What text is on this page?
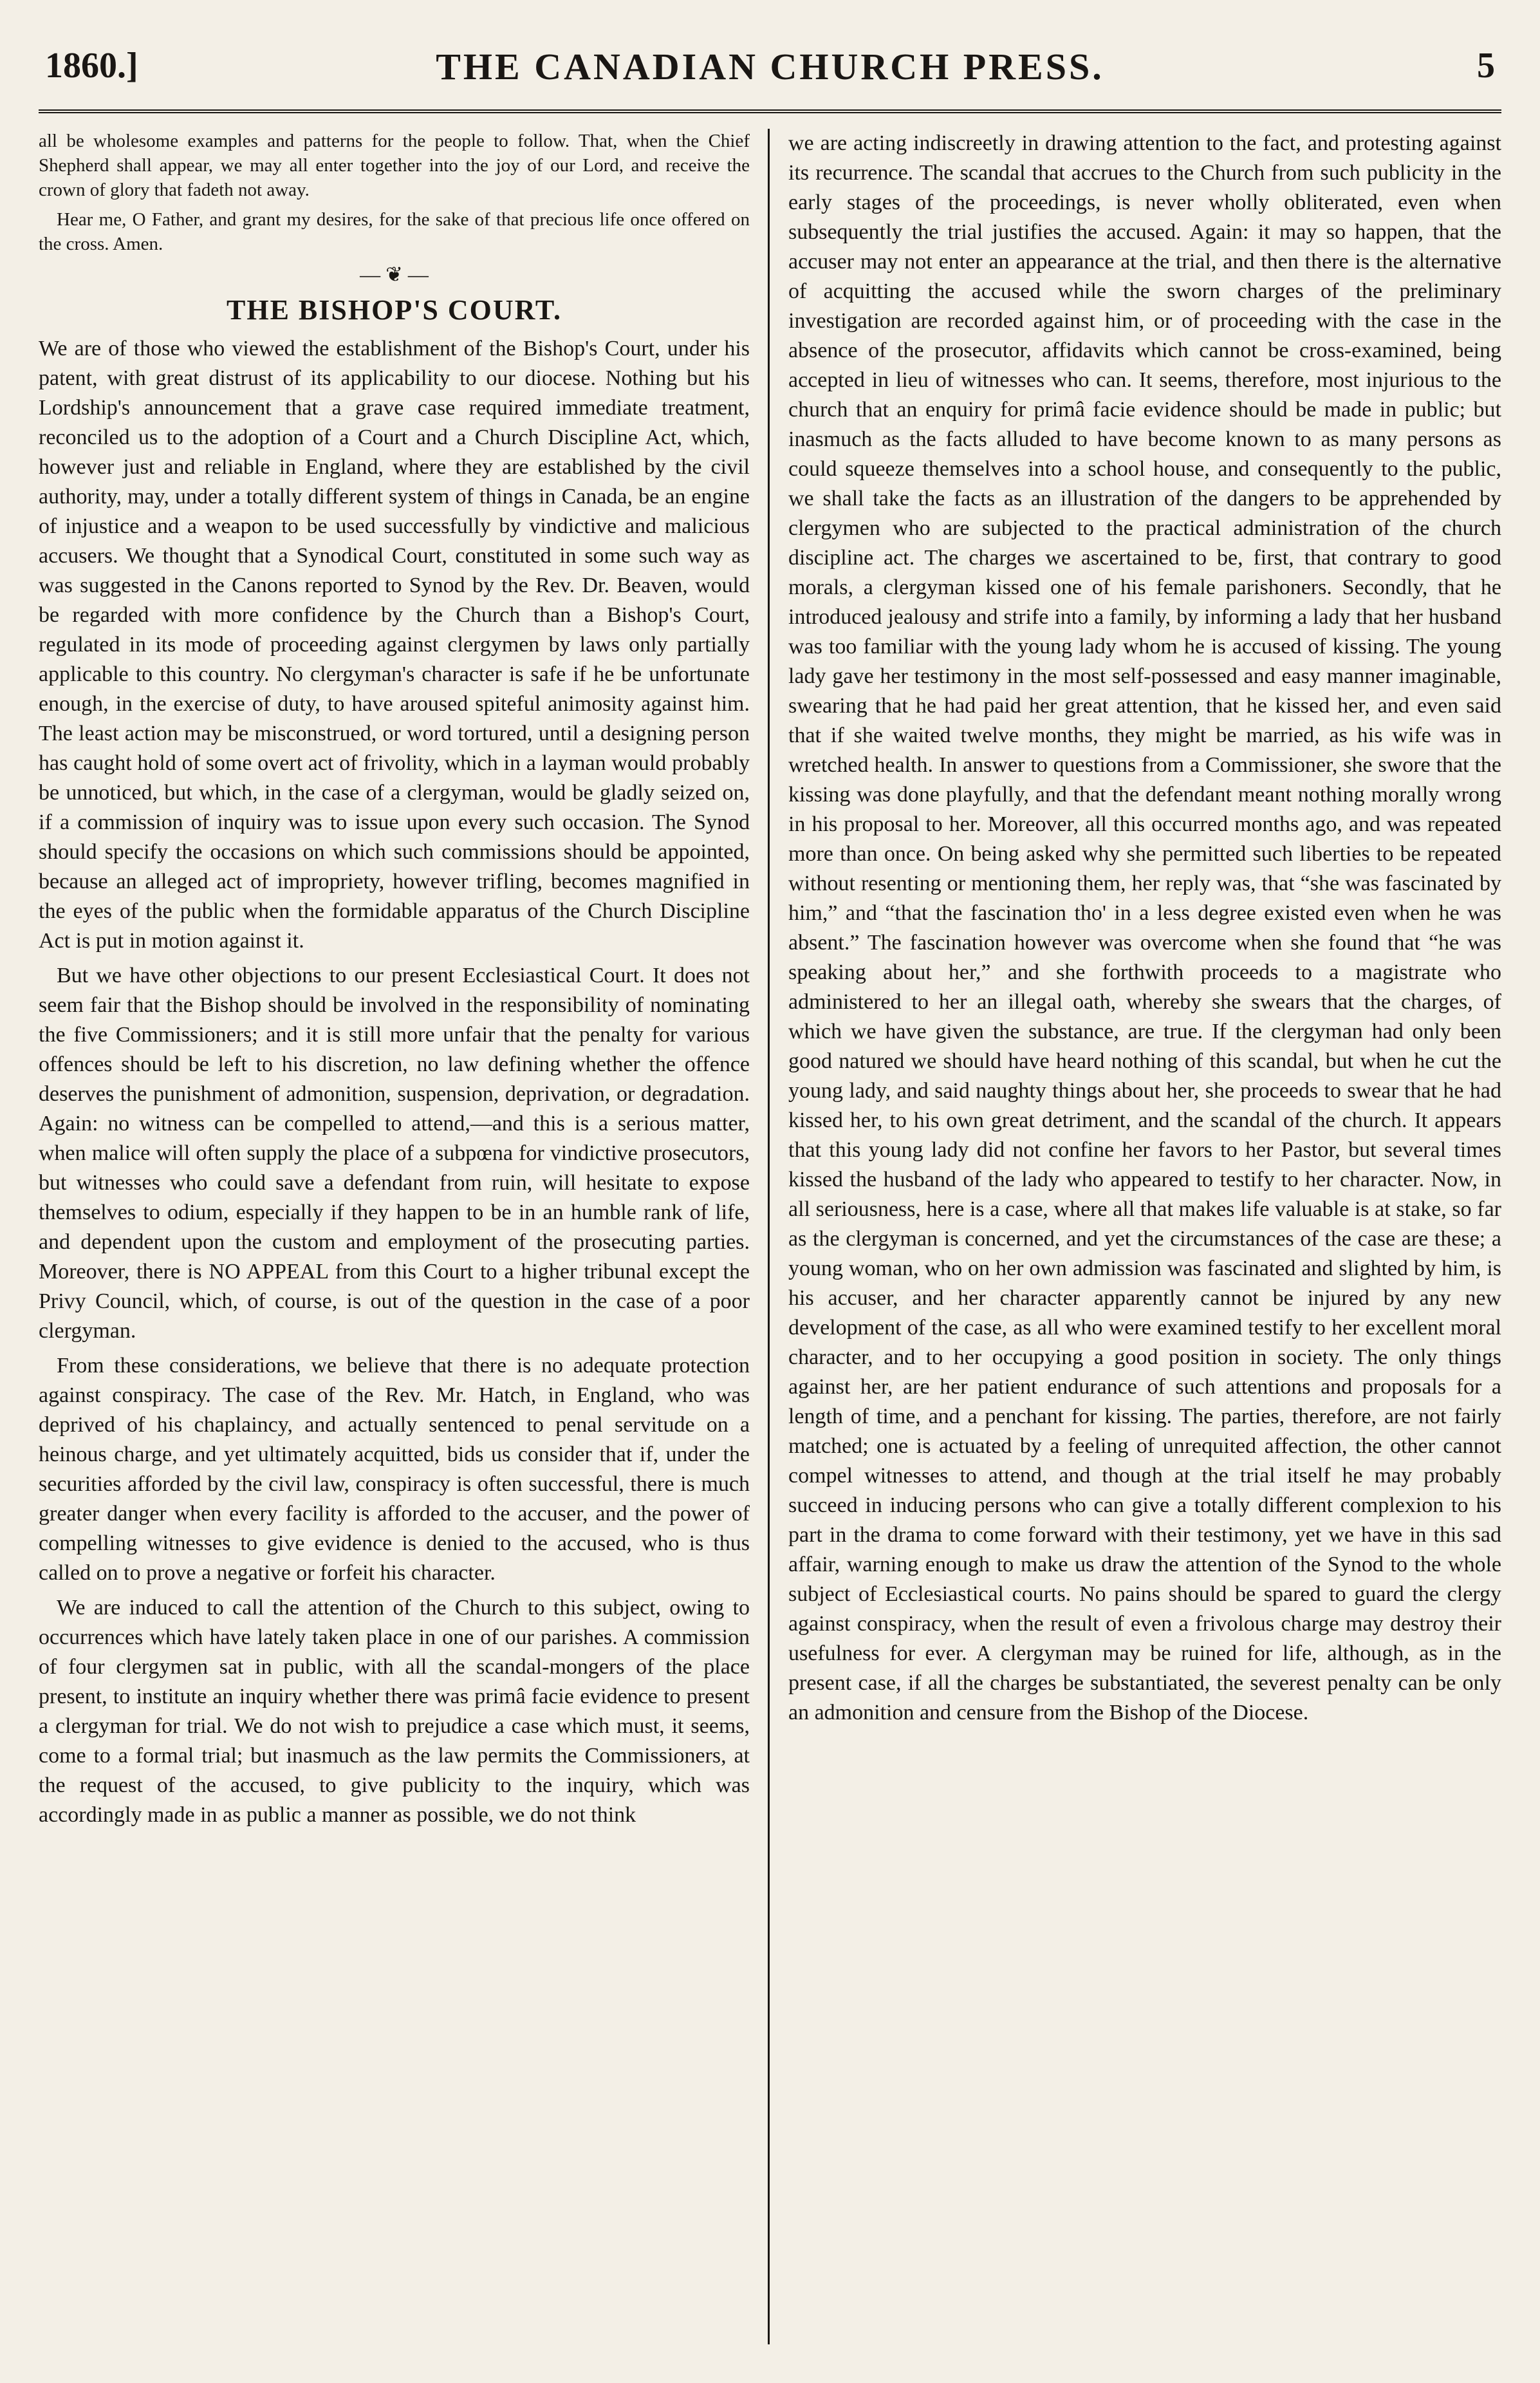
1860.]	THE CANADIAN CHURCH PRESS.	5

all be wholesome examples and patterns for the people to follow. That, when the Chief Shepherd shall appear, we may all enter together into the joy of our Lord, and receive the crown of glory that fadeth not away.

Hear me, O Father, and grant my desires, for the sake of that precious life once offered on the cross. Amen.

— ❦ —
THE BISHOP'S COURT.

We are of those who viewed the establishment of the Bishop's Court, under his patent, with great distrust of its applicability to our diocese. Nothing but his Lordship's announcement that a grave case required immediate treatment, reconciled us to the adoption of a Court and a Church Discipline Act, which, however just and reliable in England, where they are established by the civil authority, may, under a totally different system of things in Canada, be an engine of injustice and a weapon to be used successfully by vindictive and malicious accusers. We thought that a Synodical Court, constituted in some such way as was suggested in the Canons reported to Synod by the Rev. Dr. Beaven, would be regarded with more confidence by the Church than a Bishop's Court, regulated in its mode of proceeding against clergymen by laws only partially applicable to this country. No clergyman's character is safe if he be unfortunate enough, in the exercise of duty, to have aroused spiteful animosity against him. The least action may be misconstrued, or word tortured, until a designing person has caught hold of some overt act of frivolity, which in a layman would probably be unnoticed, but which, in the case of a clergyman, would be gladly seized on, if a commission of inquiry was to issue upon every such occasion. The Synod should specify the occasions on which such commissions should be appointed, because an alleged act of impropriety, however trifling, becomes magnified in the eyes of the public when the formidable apparatus of the Church Discipline Act is put in motion against it.

But we have other objections to our present Ecclesiastical Court. It does not seem fair that the Bishop should be involved in the responsibility of nominating the five Commissioners; and it is still more unfair that the penalty for various offences should be left to his discretion, no law defining whether the offence deserves the punishment of admonition, suspension, deprivation, or degradation. Again: no witness can be compelled to attend,—and this is a serious matter, when malice will often supply the place of a subpœna for vindictive prosecutors, but witnesses who could save a defendant from ruin, will hesitate to expose themselves to odium, especially if they happen to be in an humble rank of life, and dependent upon the custom and employment of the prosecuting parties. Moreover, there is NO APPEAL from this Court to a higher tribunal except the Privy Council, which, of course, is out of the question in the case of a poor clergyman.

From these considerations, we believe that there is no adequate protection against conspiracy. The case of the Rev. Mr. Hatch, in England, who was deprived of his chaplaincy, and actually sentenced to penal servitude on a heinous charge, and yet ultimately acquitted, bids us consider that if, under the securities afforded by the civil law, conspiracy is often successful, there is much greater danger when every facility is afforded to the accuser, and the power of compelling witnesses to give evidence is denied to the accused, who is thus called on to prove a negative or forfeit his character.

We are induced to call the attention of the Church to this subject, owing to occurrences which have lately taken place in one of our parishes. A commission of four clergymen sat in public, with all the scandal-mongers of the place present, to institute an inquiry whether there was primâ facie evidence to present a clergyman for trial. We do not wish to prejudice a case which must, it seems, come to a formal trial; but inasmuch as the law permits the Commissioners, at the request of the accused, to give publicity to the inquiry, which was accordingly made in as public a manner as possible, we do not think

we are acting indiscreetly in drawing attention to the fact, and protesting against its recurrence. The scandal that accrues to the Church from such publicity in the early stages of the proceedings, is never wholly obliterated, even when subsequently the trial justifies the accused. Again: it may so happen, that the accuser may not enter an appearance at the trial, and then there is the alternative of acquitting the accused while the sworn charges of the preliminary investigation are recorded against him, or of proceeding with the case in the absence of the prosecutor, affidavits which cannot be cross-examined, being accepted in lieu of witnesses who can. It seems, therefore, most injurious to the church that an enquiry for primâ facie evidence should be made in public; but inasmuch as the facts alluded to have become known to as many persons as could squeeze themselves into a school house, and consequently to the public, we shall take the facts as an illustration of the dangers to be apprehended by clergymen who are subjected to the practical administration of the church discipline act. The charges we ascertained to be, first, that contrary to good morals, a clergyman kissed one of his female parishoners. Secondly, that he introduced jealousy and strife into a family, by informing a lady that her husband was too familiar with the young lady whom he is accused of kissing. The young lady gave her testimony in the most self-possessed and easy manner imaginable, swearing that he had paid her great attention, that he kissed her, and even said that if she waited twelve months, they might be married, as his wife was in wretched health. In answer to questions from a Commissioner, she swore that the kissing was done playfully, and that the defendant meant nothing morally wrong in his proposal to her. Moreover, all this occurred months ago, and was repeated more than once. On being asked why she permitted such liberties to be repeated without resenting or mentioning them, her reply was, that “she was fascinated by him,” and “that the fascination tho' in a less degree existed even when he was absent.” The fascination however was overcome when she found that “he was speaking about her,” and she forthwith proceeds to a magistrate who administered to her an illegal oath, whereby she swears that the charges, of which we have given the substance, are true. If the clergyman had only been good natured we should have heard nothing of this scandal, but when he cut the young lady, and said naughty things about her, she proceeds to swear that he had kissed her, to his own great detriment, and the scandal of the church. It appears that this young lady did not confine her favors to her Pastor, but several times kissed the husband of the lady who appeared to testify to her character. Now, in all seriousness, here is a case, where all that makes life valuable is at stake, so far as the clergyman is concerned, and yet the circumstances of the case are these; a young woman, who on her own admission was fascinated and slighted by him, is his accuser, and her character apparently cannot be injured by any new development of the case, as all who were examined testify to her excellent moral character, and to her occupying a good position in society. The only things against her, are her patient endurance of such attentions and proposals for a length of time, and a penchant for kissing. The parties, therefore, are not fairly matched; one is actuated by a feeling of unrequited affection, the other cannot compel witnesses to attend, and though at the trial itself he may probably succeed in inducing persons who can give a totally different complexion to his part in the drama to come forward with their testimony, yet we have in this sad affair, warning enough to make us draw the attention of the Synod to the whole subject of Ecclesiastical courts. No pains should be spared to guard the clergy against conspiracy, when the result of even a frivolous charge may destroy their usefulness for ever. A clergyman may be ruined for life, although, as in the present case, if all the charges be substantiated, the severest penalty can be only an admonition and censure from the Bishop of the Diocese.
